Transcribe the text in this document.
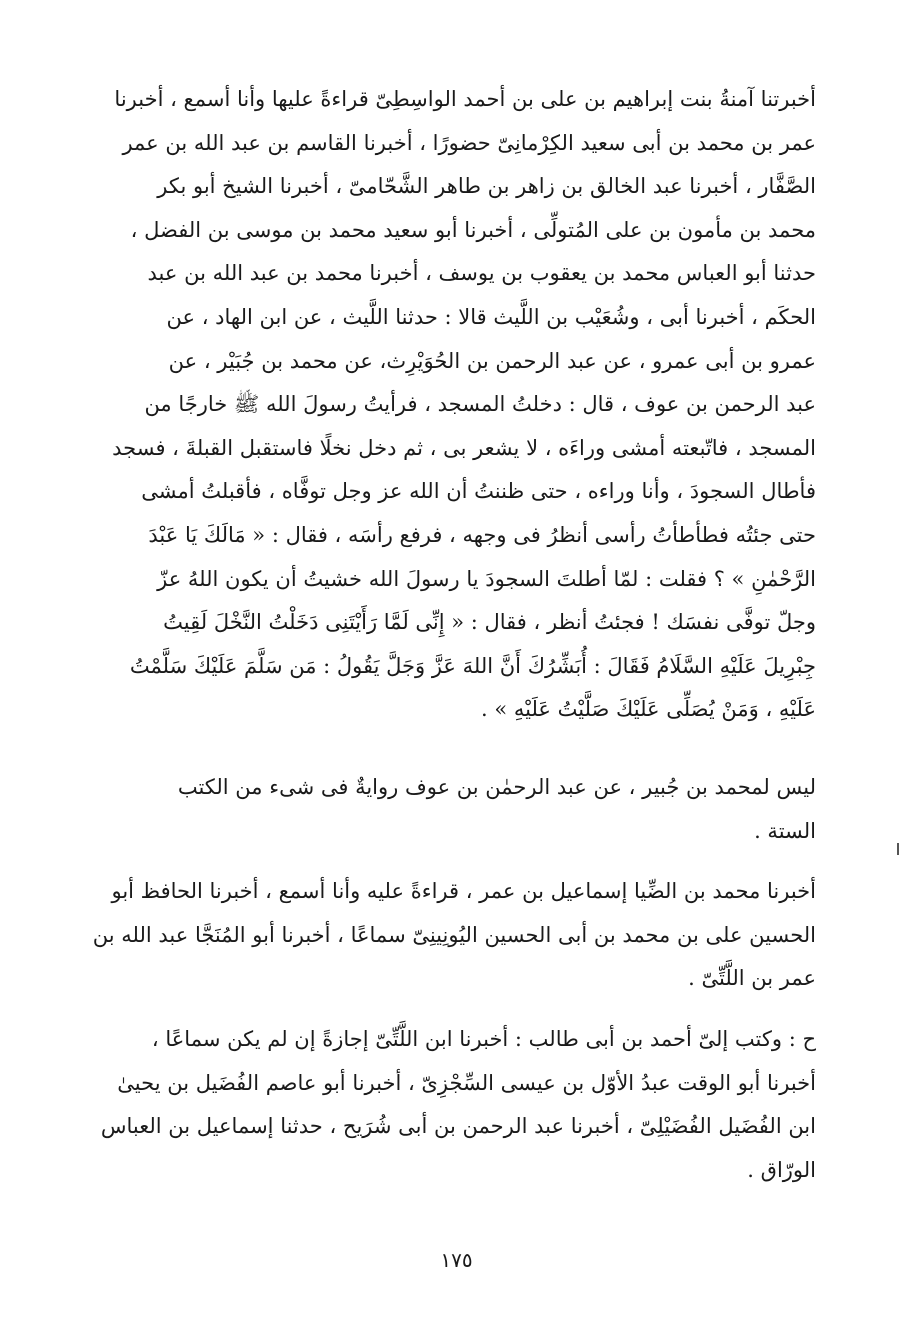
أخبرتنا آمنةُ بنت إبراهيم بن على بن أحمد الواسِطِىّ قراءةً عليها وأنا أسمع ، أخبرنا
عمر بن محمد بن أبى سعيد الكِرْمانِىّ حضورًا ، أخبرنا القاسم بن عبد الله بن عمر
الصَّفَّار ، أخبرنا عبد الخالق بن زاهر بن طاهر الشَّحّامىّ ، أخبرنا الشيخ أبو بكر
محمد بن مأمون بن على المُتولِّى ، أخبرنا أبو سعيد محمد بن موسى بن الفضل ،
حدثنا أبو العباس محمد بن يعقوب بن يوسف ، أخبرنا محمد بن عبد الله بن عبد
الحكَم ، أخبرنا أبى ، وشُعَيْب بن اللَّيث قالا : حدثنا اللَّيث ، عن ابن الهاد ، عن
عمرو بن أبى عمرو ، عن عبد الرحمن بن الحُوَيْرِث، عن محمد بن جُبَيْر ، عن
عبد الرحمن بن عوف ، قال : دخلتُ المسجد ، فرأيتُ رسولَ الله ﷺ خارجًا من
المسجد ، فاتّبعته أمشى وراءَه ، لا يشعر بى ، ثم دخل نخلًا فاستقبل القبلةَ ، فسجد
فأطال السجودَ ، وأنا وراءه ، حتى ظننتُ أن الله عز وجل توفَّاه ، فأقبلتُ أمشى
حتى جئتُه فطأطأتُ رأسى أنظرُ فى وجهه ، فرفع رأسَه ، فقال : « مَالَكَ يَا عَبْدَ
الرَّحْمٰنِ » ؟ فقلت : لمّا أطلتَ السجودَ يا رسولَ الله خشيتُ أن يكون اللهُ عزّ
وجلّ توفَّى نفسَك ! فجئتُ أنظر ، فقال : « إِنِّى لَمَّا رَأَيْتَنِى دَخَلْتُ النَّخْلَ لَقِيتُ
جِبْرِيلَ عَلَيْهِ السَّلَامُ فَقَالَ : أُبَشِّرُكَ أَنَّ اللهَ عَزَّ وَجَلَّ يَقُولُ : مَن سَلَّمَ عَلَيْكَ سَلَّمْتُ
عَلَيْهِ ، وَمَنْ يُصَلِّى عَلَيْكَ صَلَّيْتُ عَلَيْهِ » .

ليس لمحمد بن جُبير ، عن عبد الرحمٰن بن عوف روايةٌ فى شىء من الكتب
الستة .

أخبرنا محمد بن الضِّيا إسماعيل بن عمر ، قراءةً عليه وأنا أسمع ، أخبرنا الحافظ أبو
الحسين على بن محمد بن أبى الحسين اليُونِينِىّ سماعًا ، أخبرنا أبو المُنَجَّا عبد الله بن
عمر بن اللَّتِّىّ .

ح : وكتب إلىّ أحمد بن أبى طالب : أخبرنا ابن اللَّتِّىّ إجازةً إن لم يكن سماعًا ،
أخبرنا أبو الوقت عبدُ الأوّل بن عيسى السِّجْزِىّ ، أخبرنا أبو عاصم الفُضَيل بن يحيىٰ
ابن الفُضَيل الفُضَيْلِىّ ، أخبرنا عبد الرحمن بن أبى شُرَيح ، حدثنا إسماعيل بن العباس
الورّاق .

١٧٥
